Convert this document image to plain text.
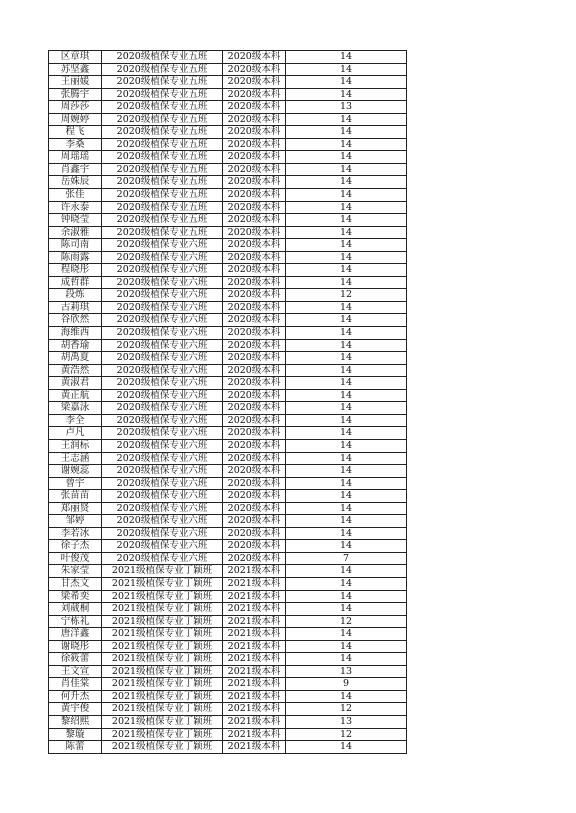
区章琪	2020级植保专业五班	2020级本科	14
苏坚鑫	2020级植保专业五班	2020级本科	14
王丽媛	2020级植保专业五班	2020级本科	14
张腾宇	2020级植保专业五班	2020级本科	14
周莎莎	2020级植保专业五班	2020级本科	13
周婉婷	2020级植保专业五班	2020级本科	14
程飞	2020级植保专业五班	2020级本科	14
李桑	2020级植保专业五班	2020级本科	14
周瑶瑶	2020级植保专业五班	2020级本科	14
肖鑫宇	2020级植保专业五班	2020级本科	14
岳姝辰	2020级植保专业五班	2020级本科	14
张佳	2020级植保专业五班	2020级本科	14
许永泰	2020级植保专业五班	2020级本科	14
钟晓莹	2020级植保专业五班	2020级本科	14
余淑雅	2020级植保专业五班	2020级本科	14
陈司南	2020级植保专业六班	2020级本科	14
陈雨露	2020级植保专业六班	2020级本科	14
程晓彤	2020级植保专业六班	2020级本科	14
成哲群	2020级植保专业六班	2020级本科	14
段炼	2020级植保专业六班	2020级本科	12
古莉琪	2020级植保专业六班	2020级本科	14
谷欣然	2020级植保专业六班	2020级本科	14
海维西	2020级植保专业六班	2020级本科	14
胡香瑜	2020级植保专业六班	2020级本科	14
胡禹夏	2020级植保专业六班	2020级本科	14
黄浩然	2020级植保专业六班	2020级本科	14
黄淑君	2020级植保专业六班	2020级本科	14
黄正航	2020级植保专业六班	2020级本科	14
梁嘉泳	2020级植保专业六班	2020级本科	14
李全	2020级植保专业六班	2020级本科	14
卢凡	2020级植保专业六班	2020级本科	14
王润标	2020级植保专业六班	2020级本科	14
王志涵	2020级植保专业六班	2020级本科	14
谢婉蕊	2020级植保专业六班	2020级本科	14
曾宇	2020级植保专业六班	2020级本科	14
张苗苗	2020级植保专业六班	2020级本科	14
郑丽贤	2020级植保专业六班	2020级本科	14
邹婷	2020级植保专业六班	2020级本科	14
李若冰	2020级植保专业六班	2020级本科	14
徐子杰	2020级植保专业六班	2020级本科	14
叶俊茂	2020级植保专业六班	2020级本科	7
朱家莹	2021级植保专业丁颖班	2021级本科	14
甘杰文	2021级植保专业丁颖班	2021级本科	14
梁希奕	2021级植保专业丁颖班	2021级本科	14
刘葳桐	2021级植保专业丁颖班	2021级本科	14
宁栋礼	2021级植保专业丁颖班	2021级本科	12
唐洋鑫	2021级植保专业丁颖班	2021级本科	14
谢晓彤	2021级植保专业丁颖班	2021级本科	14
徐筱蕾	2021级植保专业丁颖班	2021级本科	14
王文宣	2021级植保专业丁颖班	2021级本科	13
肖佳棠	2021级植保专业丁颖班	2021级本科	9
何升杰	2021级植保专业丁颖班	2021级本科	14
黄宇俊	2021级植保专业丁颖班	2021级本科	12
黎绍熙	2021级植保专业丁颖班	2021级本科	13
黎璇	2021级植保专业丁颖班	2021级本科	12
陈蕾	2021级植保专业丁颖班	2021级本科	14
